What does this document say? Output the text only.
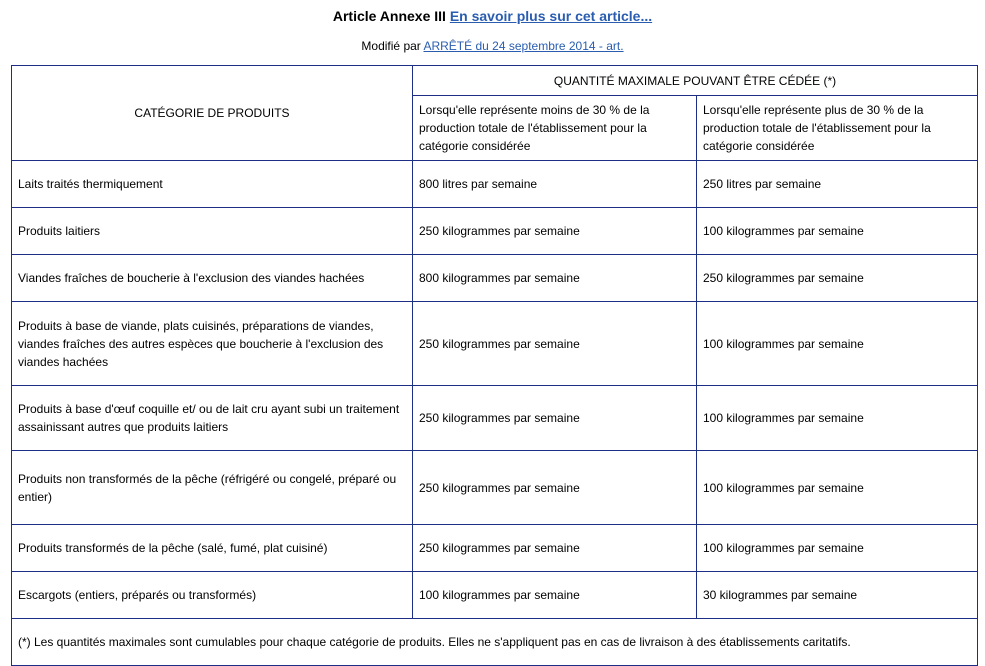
Article Annexe III En savoir plus sur cet article...
Modifié par ARRÊTÉ du 24 septembre 2014 - art.
CATÉGORIE DE PRODUITS	QUANTITÉ MAXIMALE POUVANT ÊTRE CÉDÉE (*)	
	Lorsqu'elle représente moins de 30 % de la production totale de l'établissement pour la catégorie considérée	Lorsqu'elle représente plus de 30 % de la production totale de l'établissement pour la catégorie considérée
Laits traités thermiquement	800 litres par semaine	250 litres par semaine
Produits laitiers	250 kilogrammes par semaine	100 kilogrammes par semaine
Viandes fraîches de boucherie à l'exclusion des viandes hachées	800 kilogrammes par semaine	250 kilogrammes par semaine
Produits à base de viande, plats cuisinés, préparations de viandes, viandes fraîches des autres espèces que boucherie à l'exclusion des viandes hachées	250 kilogrammes par semaine	100 kilogrammes par semaine
Produits à base d'œuf coquille et/ ou de lait cru ayant subi un traitement assainissant autres que produits laitiers	250 kilogrammes par semaine	100 kilogrammes par semaine
Produits non transformés de la pêche (réfrigéré ou congelé, préparé ou entier)	250 kilogrammes par semaine	100 kilogrammes par semaine
Produits transformés de la pêche (salé, fumé, plat cuisiné)	250 kilogrammes par semaine	100 kilogrammes par semaine
Escargots (entiers, préparés ou transformés)	100 kilogrammes par semaine	30 kilogrammes par semaine
(*) Les quantités maximales sont cumulables pour chaque catégorie de produits. Elles ne s'appliquent pas en cas de livraison à des établissements caritatifs.		
